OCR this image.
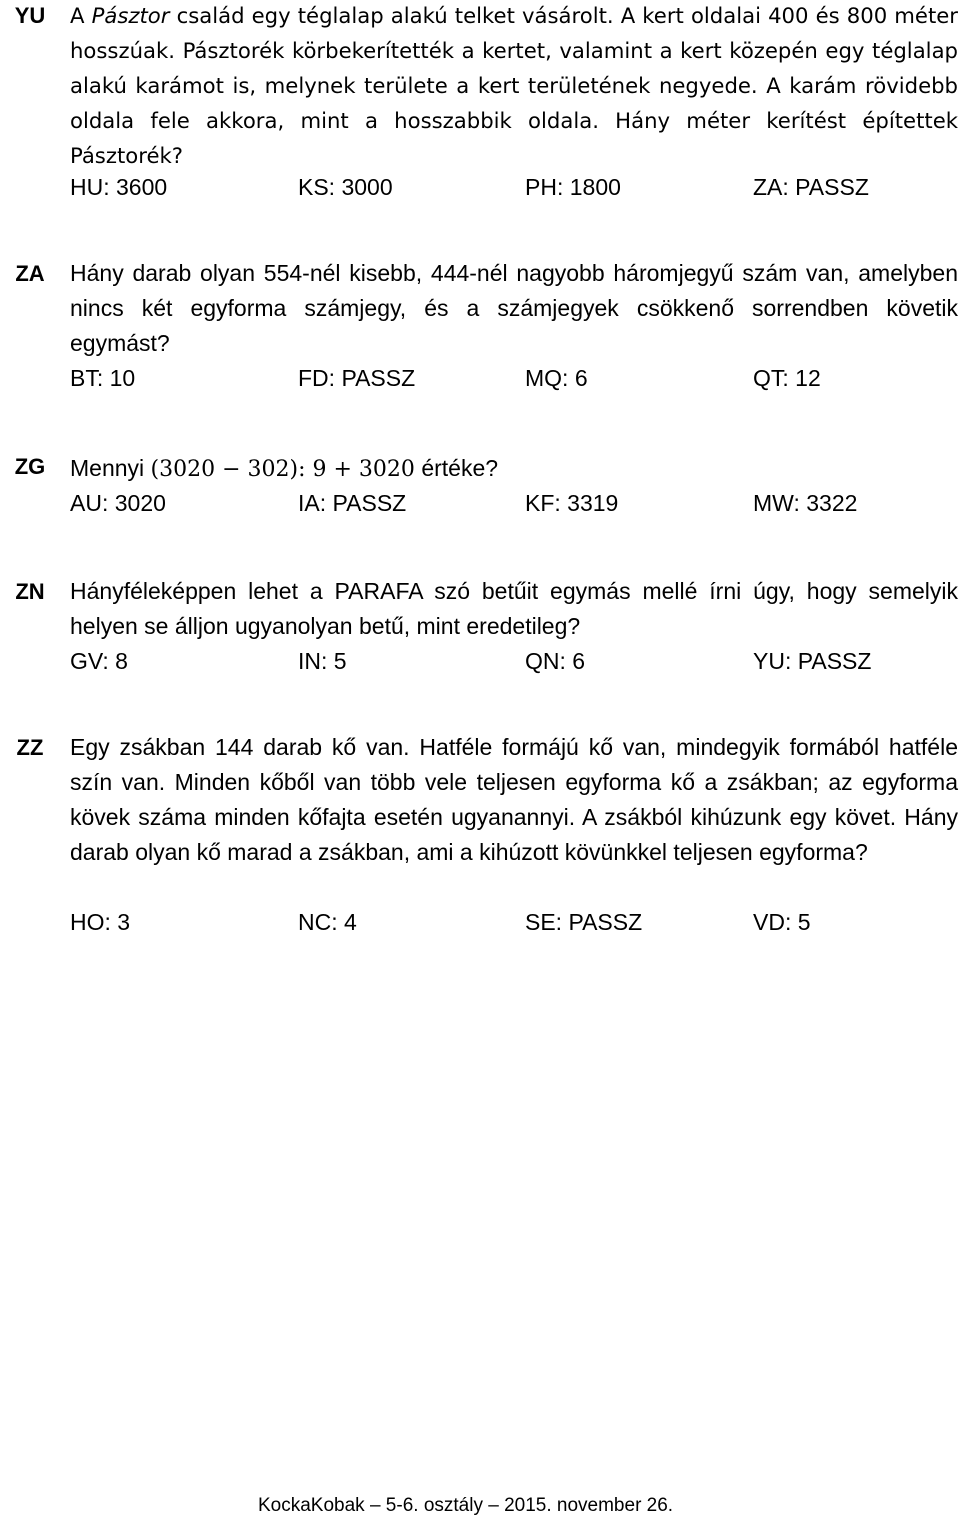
YU	A Pásztor család egy téglalap alakú telket vásárolt. A kert oldalai 400 és 800 méter hosszúak. Pásztorék körbekerítették a kertet, valamint a kert közepén egy téglalap alakú karámot is, melynek területe a kert területének negyede. A karám rövidebb oldala fele akkora, mint a hosszabbik oldala. Hány méter kerítést építettek Pásztorék?

HU: 3600	KS: 3000	PH: 1800	ZA: PASSZ
ZA	Hány darab olyan 554-nél kisebb, 444-nél nagyobb háromjegyű szám van, amelyben nincs két egyforma számjegy, és a számjegyek csökkenő sorrendben követik egymást?

BT: 10	FD: PASSZ	MQ: 6	QT: 12
ZG	Mennyi (3020 − 302): 9 + 3020 értéke?

AU: 3020	IA: PASSZ	KF: 3319	MW: 3322
ZN	Hányféleképpen lehet a PARAFA szó betűit egymás mellé írni úgy, hogy semelyik helyen se álljon ugyanolyan betű, mint eredetileg?

GV: 8	IN: 5	QN: 6	YU: PASSZ
ZZ	Egy zsákban 144 darab kő van. Hatféle formájú kő van, mindegyik formából hatféle szín van. Minden kőből van több vele teljesen egyforma kő a zsákban; az egyforma kövek száma minden kőfajta esetén ugyanannyi. A zsákból kihúzunk egy követ. Hány darab olyan kő marad a zsákban, ami a kihúzott kövünkkel teljesen egyforma?

HO: 3	NC: 4	SE: PASSZ	VD: 5
KockaKobak – 5-6. osztály – 2015. november 26.
